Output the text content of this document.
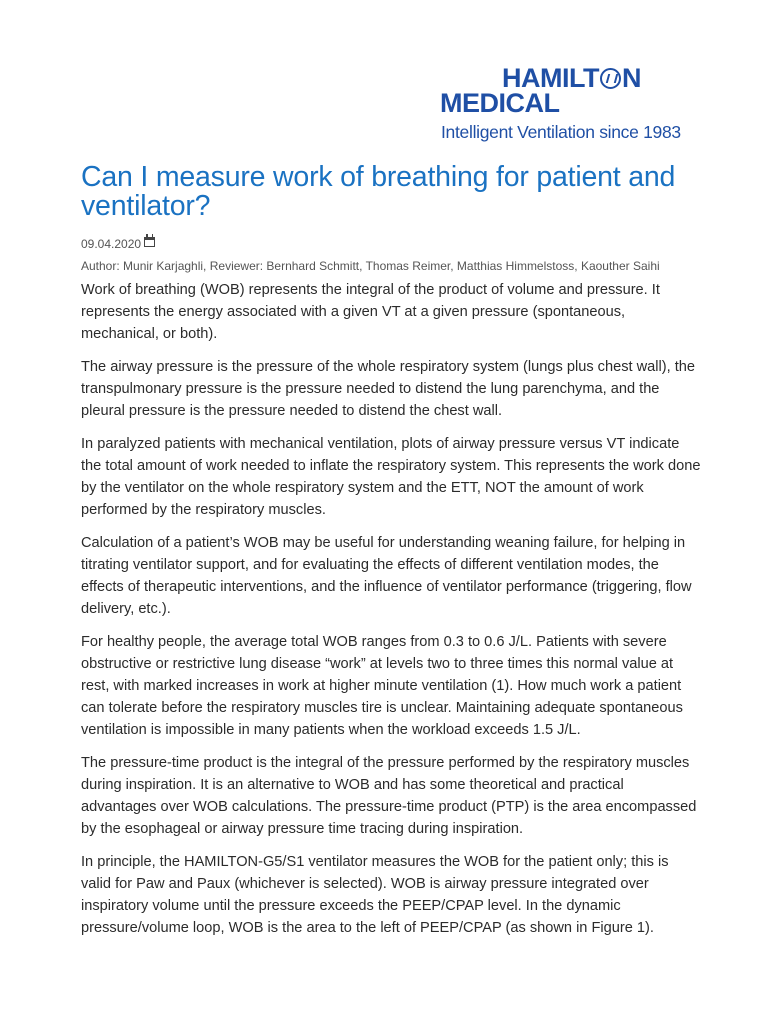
HAMILT N
MEDICAL
Intelligent Ventilation since 1983
Can I measure work of breathing for patient and ventilator?
09.04.2020
Author: Munir Karjaghli, Reviewer: Bernhard Schmitt, Thomas Reimer, Matthias Himmelstoss, Kaouther Saihi

Work of breathing (WOB) represents the integral of the product of volume and pressure. It represents the energy associated with a given VT at a given pressure (spontaneous, mechanical, or both).

The airway pressure is the pressure of the whole respiratory system (lungs plus chest wall), the transpulmonary pressure is the pressure needed to distend the lung parenchyma, and the pleural pressure is the pressure needed to distend the chest wall.

In paralyzed patients with mechanical ventilation, plots of airway pressure versus VT indicate the total amount of work needed to inflate the respiratory system. This represents the work done by the ventilator on the whole respiratory system and the ETT, NOT the amount of work performed by the respiratory muscles.

Calculation of a patient’s WOB may be useful for understanding weaning failure, for helping in titrating ventilator support, and for evaluating the effects of different ventilation modes, the effects of therapeutic interventions, and the influence of ventilator performance (triggering, flow delivery, etc.).

For healthy people, the average total WOB ranges from 0.3 to 0.6 J/L. Patients with severe obstructive or restrictive lung disease “work” at levels two to three times this normal value at rest, with marked increases in work at higher minute ventilation (1). How much work a patient can tolerate before the respiratory muscles tire is unclear. Maintaining adequate spontaneous ventilation is impossible in many patients when the workload exceeds 1.5 J/L.

The pressure-time product is the integral of the pressure performed by the respiratory muscles during inspiration. It is an alternative to WOB and has some theoretical and practical advantages over WOB calculations. The pressure-time product (PTP) is the area encompassed by the esophageal or airway pressure time tracing during inspiration.

In principle, the HAMILTON-G5/S1 ventilator measures the WOB for the patient only; this is valid for Paw and Paux (whichever is selected). WOB is airway pressure integrated over inspiratory volume until the pressure exceeds the PEEP/CPAP level. In the dynamic pressure/volume loop, WOB is the area to the left of PEEP/CPAP (as shown in Figure 1).
